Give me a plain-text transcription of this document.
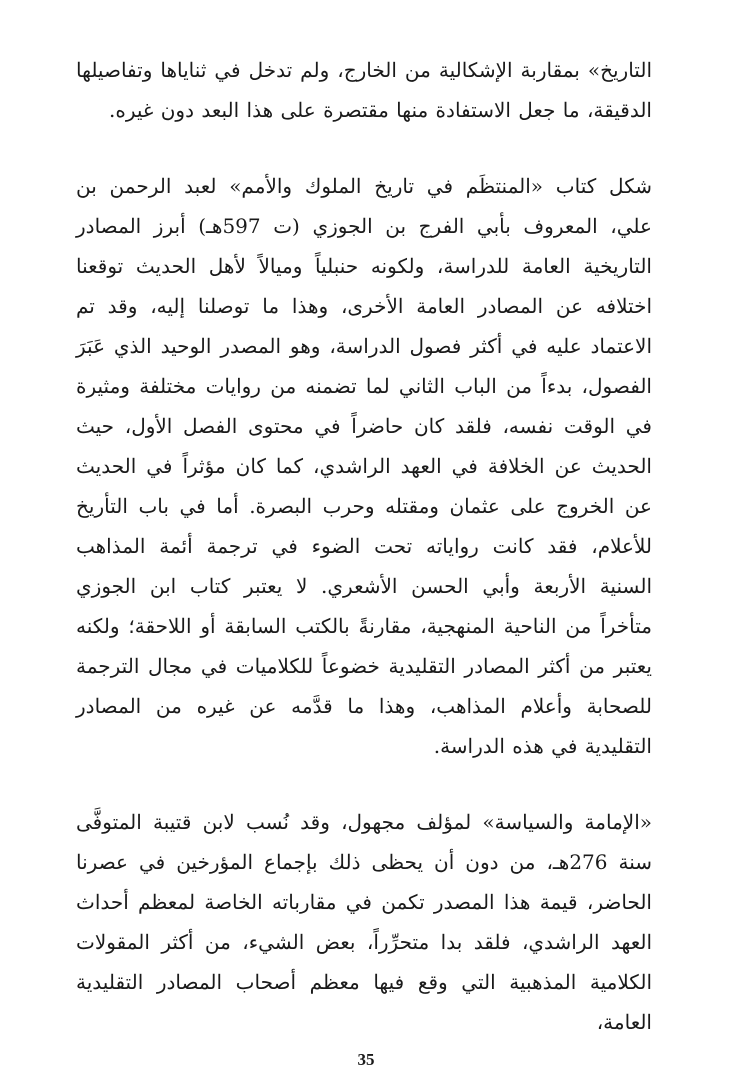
التاريخ» بمقاربة الإشكالية من الخارج، ولم تدخل في ثناياها وتفاصيلها الدقيقة، ما جعل الاستفادة منها مقتصرة على هذا البعد دون غيره.

شكل كتاب «المنتظَم في تاريخ الملوك والأمم» لعبد الرحمن بن علي، المعروف بأبي الفرج بن الجوزي (ت 597هـ) أبرز المصادر التاريخية العامة للدراسة، ولكونه حنبلياً وميالاً لأهل الحديث توقعنا اختلافه عن المصادر العامة الأخرى، وهذا ما توصلنا إليه، وقد تم الاعتماد عليه في أكثر فصول الدراسة، وهو المصدر الوحيد الذي عَبَرَ الفصول، بدءاً من الباب الثاني لما تضمنه من روايات مختلفة ومثيرة في الوقت نفسه، فلقد كان حاضراً في محتوى الفصل الأول، حيث الحديث عن الخلافة في العهد الراشدي، كما كان مؤثراً في الحديث عن الخروج على عثمان ومقتله وحرب البصرة. أما في باب التأريخ للأعلام، فقد كانت رواياته تحت الضوء في ترجمة أئمة المذاهب السنية الأربعة وأبي الحسن الأشعري. لا يعتبر كتاب ابن الجوزي متأخراً من الناحية المنهجية، مقارنةً بالكتب السابقة أو اللاحقة؛ ولكنه يعتبر من أكثر المصادر التقليدية خضوعاً للكلاميات في مجال الترجمة للصحابة وأعلام المذاهب، وهذا ما قدَّمه عن غيره من المصادر التقليدية في هذه الدراسة.

«الإمامة والسياسة» لمؤلف مجهول، وقد نُسب لابن قتيبة المتوفَّى سنة 276هـ، من دون أن يحظى ذلك بإجماع المؤرخين في عصرنا الحاضر، قيمة هذا المصدر تكمن في مقارباته الخاصة لمعظم أحداث العهد الراشدي، فلقد بدا متحرِّراً، بعض الشيء، من أكثر المقولات الكلامية المذهبية التي وقع فيها معظم أصحاب المصادر التقليدية العامة،

35
